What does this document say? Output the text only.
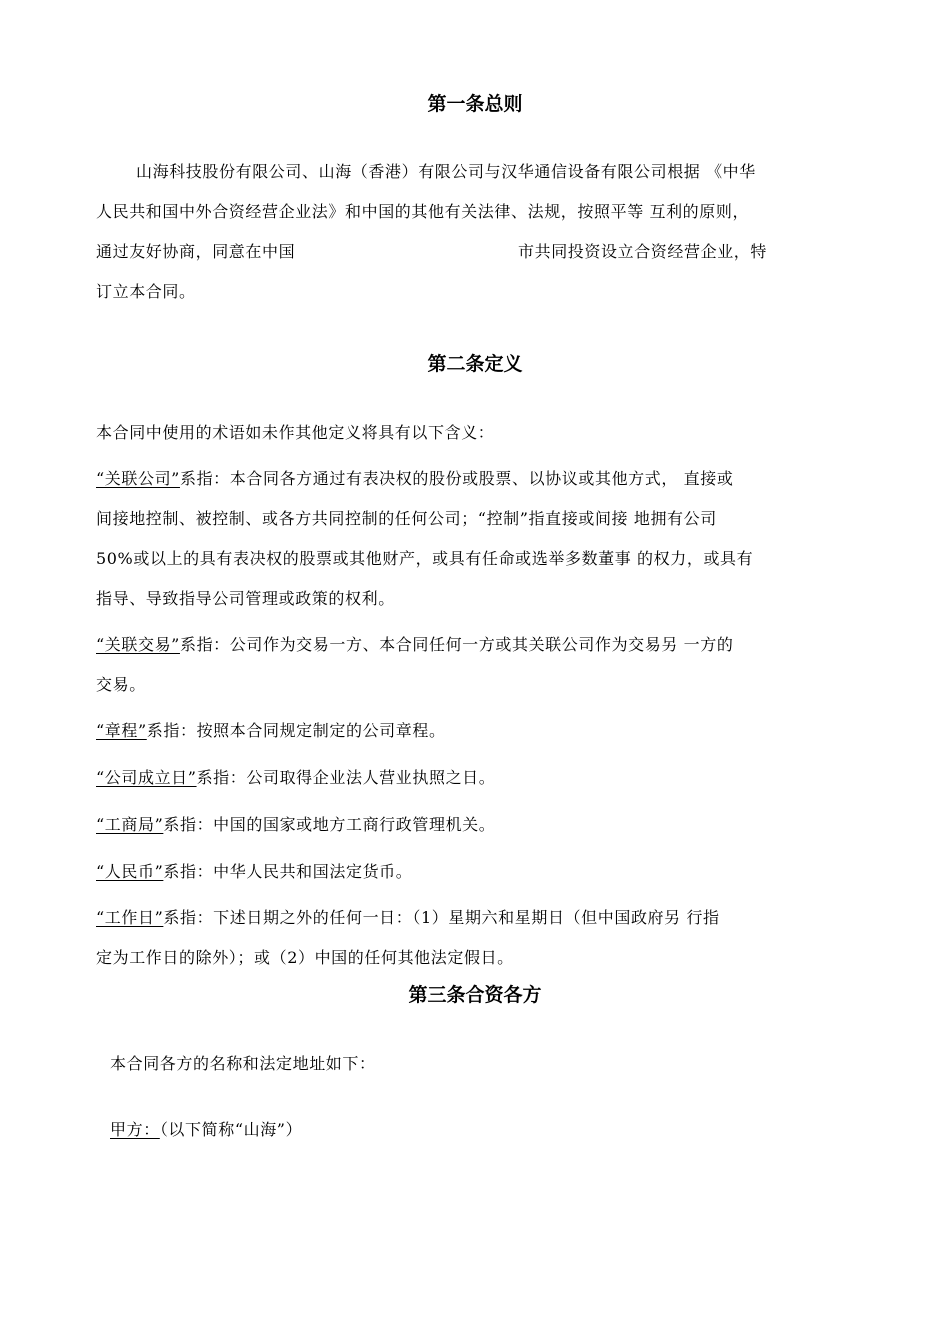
第一条总则
山海科技股份有限公司、山海（香港）有限公司与汉华通信设备有限公司根据 《中华
人民共和国中外合资经营企业法》和中国的其他有关法律、法规，按照平等 互利的原则，
通过友好协商，同意在中国	市共同投资设立合资经营企业，特
订立本合同。
第二条定义
本合同中使用的术语如未作其他定义将具有以下含义：
“关联公司”系指：本合同各方通过有表决权的股份或股票、以协议或其他方式， 直接或
间接地控制、被控制、或各方共同控制的任何公司；“控制”指直接或间接 地拥有公司
50%或以上的具有表决权的股票或其他财产，或具有任命或选举多数董事 的权力，或具有
指导、导致指导公司管理或政策的权利。
“关联交易”系指：公司作为交易一方、本合同任何一方或其关联公司作为交易另 一方的
交易。
“章程”系指：按照本合同规定制定的公司章程。
“公司成立日”系指：公司取得企业法人营业执照之日。
“工商局”系指：中国的国家或地方工商行政管理机关。
“人民币”系指：中华人民共和国法定货币。
“工作日”系指：下述日期之外的任何一日：（1）星期六和星期日（但中国政府另 行指
定为工作日的除外）；或（2）中国的任何其他法定假日。
第三条合资各方
本合同各方的名称和法定地址如下：
甲方：（以下简称“山海”）
